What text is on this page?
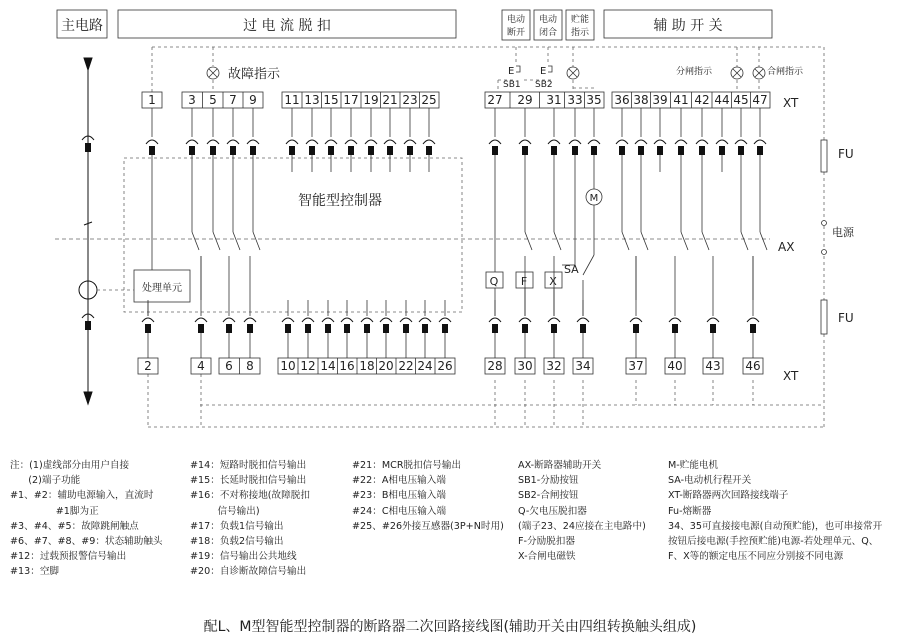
主电路	过 电 流 脱 扣	电动
断开
电动
闭合
贮能
指示	辅 助 开 关
智能型控制器
处理单元
故障指示	分闸指示	合闸指示
E	E
SB1 SB2
XT
XT
AX
FU
FU
电源
M
SA
Q F X
1	3 5 7 9 11 13 15 17 19 21 23 25	27 29 31 33 35 36 38 39 41 42 44 45 47
2	4 6 8 10 12 14 16 18 20 22 24 26	28 30 32 34	37 40 43 46
注：(1)虚线部分由用户自接
(2)端子功能
#1、#2：辅助电源输入，直流时
#1脚为正
#3、#4、#5：故障跳闸触点
#6、#7、#8、#9：状态辅助触头
#12：过载预报警信号输出
#13：空脚
#14：短路时脱扣信号输出
#15：长延时脱扣信号输出
#16：不对称接地(故障脱扣
信号输出)
#17：负载1信号输出
#18：负载2信号输出
#19：信号输出公共地线
#20：自诊断故障信号输出
#21：MCR脱扣信号输出
#22：A相电压输入端
#23：B相电压输入端
#24：C相电压输入端
#25、#26外接互感器(3P+N时用)
AX-断路器辅助开关
SB1-分励按钮
SB2-合闸按钮
Q-欠电压脱扣器
(端子23、24应接在主电路中)
F-分励脱扣器
X-合闸电磁铁
M-贮能电机
SA-电动机行程开关
XT-断路器两次回路接线端子
Fu-熔断器
34、35可直接接电源(自动预贮能)，也可串接常开
按钮后接电源(手控预贮能)电源-若处理单元、Q、
F、X等的额定电压不同应分别接不同电源
配L、M型智能型控制器的断路器二次回路接线图(辅助开关由四组转换触头组成)
